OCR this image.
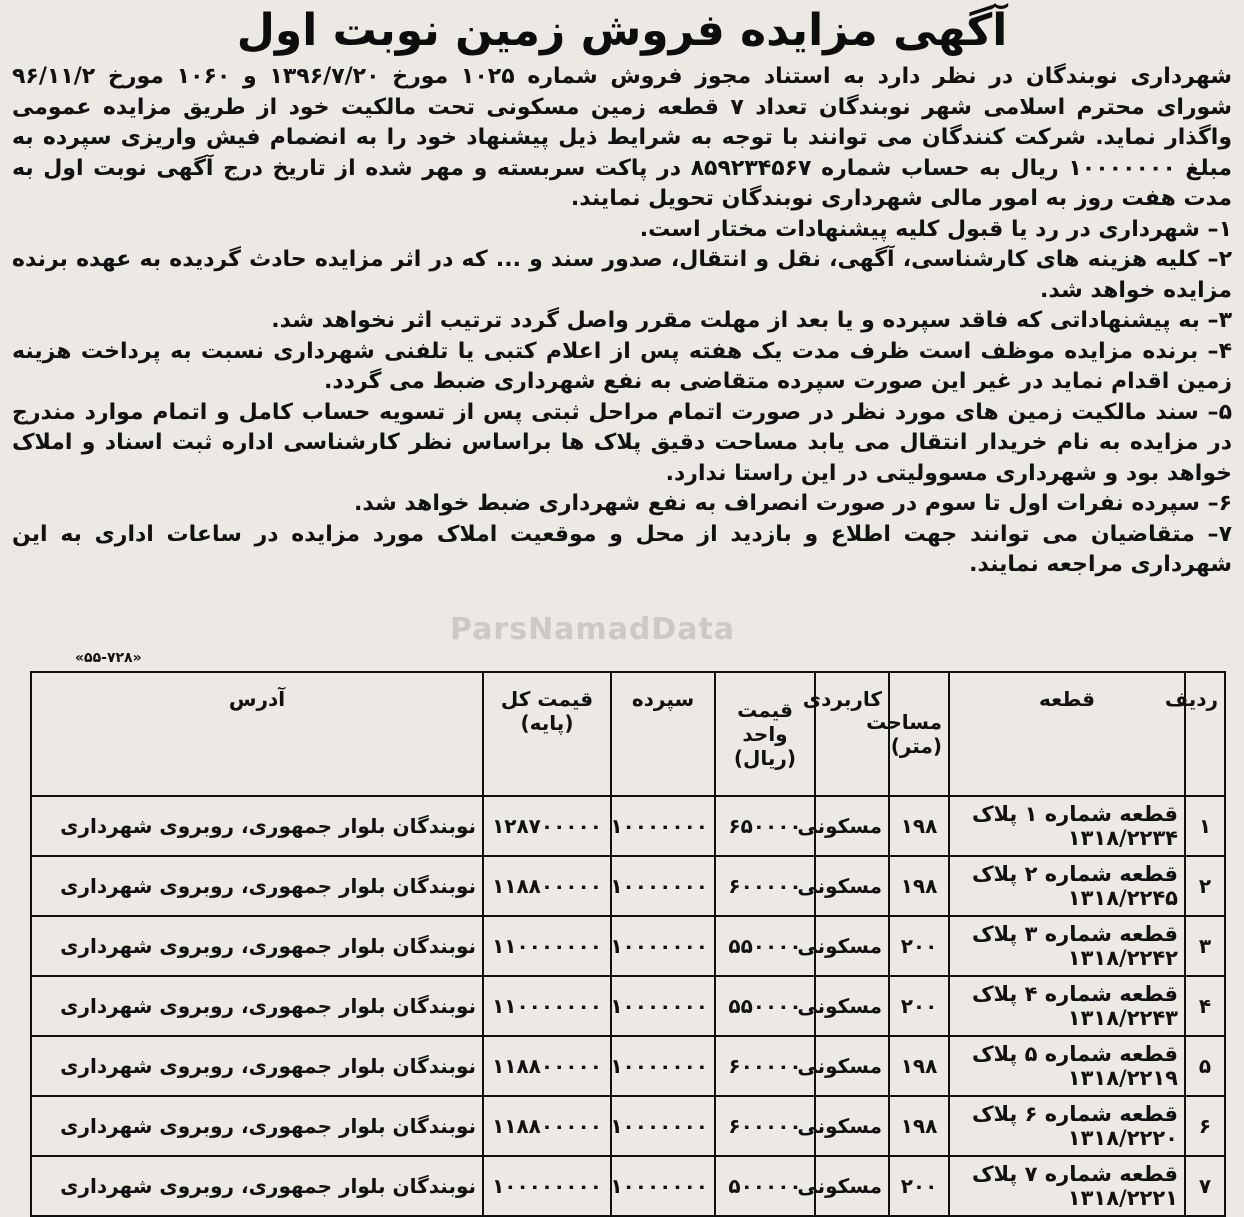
آگهی مزایده فروش زمین نوبت اول

شهرداری نوبندگان در نظر دارد به استناد مجوز فروش شماره ۱۰۲۵ مورخ ۱۳۹۶/۷/۲۰ و ۱۰۶۰ مورخ ۹۶/۱۱/۲ شورای محترم اسلامی شهر نوبندگان تعداد ۷ قطعه زمین مسکونی تحت مالکیت خود از طریق مزایده عمومی واگذار نماید. شرکت کنندگان می توانند با توجه به شرایط ذیل پیشنهاد خود را به انضمام فیش واریزی سپرده به مبلغ ۱۰۰۰۰۰۰۰ ریال به حساب شماره ۸۵۹۲۳۴۵۶۷ در پاکت سربسته و مهر شده از تاریخ درج آگهی نوبت اول به مدت هفت روز به امور مالی شهرداری نوبندگان تحویل نمایند.

۱– شهرداری در رد یا قبول کلیه پیشنهادات مختار است.

۲– کلیه هزینه های کارشناسی، آگهی، نقل و انتقال، صدور سند و ... که در اثر مزایده حادث گردیده به عهده برنده مزایده خواهد شد.

۳– به پیشنهاداتی که فاقد سپرده و یا بعد از مهلت مقرر واصل گردد ترتیب اثر نخواهد شد.

۴– برنده مزایده موظف است ظرف مدت یک هفته پس از اعلام کتبی یا تلفنی شهرداری نسبت به پرداخت هزینه زمین اقدام نماید در غیر این صورت سپرده متقاضی به نفع شهرداری ضبط می گردد.

۵– سند مالکیت زمین های مورد نظر در صورت اتمام مراحل ثبتی پس از تسویه حساب کامل و اتمام موارد مندرج در مزایده به نام خریدار انتقال می یابد مساحت دقیق پلاک ها براساس نظر کارشناسی اداره ثبت اسناد و املاک خواهد بود و شهرداری مسوولیتی در این راستا ندارد.

۶– سپرده نفرات اول تا سوم در صورت انصراف به نفع شهرداری ضبط خواهد شد.

۷– متقاضیان می توانند جهت اطلاع و بازدید از محل و موقعیت املاک مورد مزایده در ساعات اداری به این شهرداری مراجعه نمایند.

ParsNamadData
«۵۵-۷۲۸»
ردیف	قطعه	مساحت (متر)	کاربردی	قیمت واحد (ریال)	سپرده	قیمت کل (پایه)	آدرس
۱	قطعه شماره ۱ پلاک ۱۳۱۸/۲۲۳۴	۱۹۸	مسکونی	۶۵۰۰۰۰	۱۰۰۰۰۰۰۰	۱۲۸۷۰۰۰۰۰	نوبندگان بلوار جمهوری، روبروی شهرداری
۲	قطعه شماره ۲ پلاک ۱۳۱۸/۲۲۴۵	۱۹۸	مسکونی	۶۰۰۰۰۰	۱۰۰۰۰۰۰۰	۱۱۸۸۰۰۰۰۰	نوبندگان بلوار جمهوری، روبروی شهرداری
۳	قطعه شماره ۳ پلاک ۱۳۱۸/۲۲۴۲	۲۰۰	مسکونی	۵۵۰۰۰۰	۱۰۰۰۰۰۰۰	۱۱۰۰۰۰۰۰۰	نوبندگان بلوار جمهوری، روبروی شهرداری
۴	قطعه شماره ۴ پلاک ۱۳۱۸/۲۲۴۳	۲۰۰	مسکونی	۵۵۰۰۰۰	۱۰۰۰۰۰۰۰	۱۱۰۰۰۰۰۰۰	نوبندگان بلوار جمهوری، روبروی شهرداری
۵	قطعه شماره ۵ پلاک ۱۳۱۸/۲۲۱۹	۱۹۸	مسکونی	۶۰۰۰۰۰	۱۰۰۰۰۰۰۰	۱۱۸۸۰۰۰۰۰	نوبندگان بلوار جمهوری، روبروی شهرداری
۶	قطعه شماره ۶ پلاک ۱۳۱۸/۲۲۲۰	۱۹۸	مسکونی	۶۰۰۰۰۰	۱۰۰۰۰۰۰۰	۱۱۸۸۰۰۰۰۰	نوبندگان بلوار جمهوری، روبروی شهرداری
۷	قطعه شماره ۷ پلاک ۱۳۱۸/۲۲۲۱	۲۰۰	مسکونی	۵۰۰۰۰۰	۱۰۰۰۰۰۰۰	۱۰۰۰۰۰۰۰۰	نوبندگان بلوار جمهوری، روبروی شهرداری
